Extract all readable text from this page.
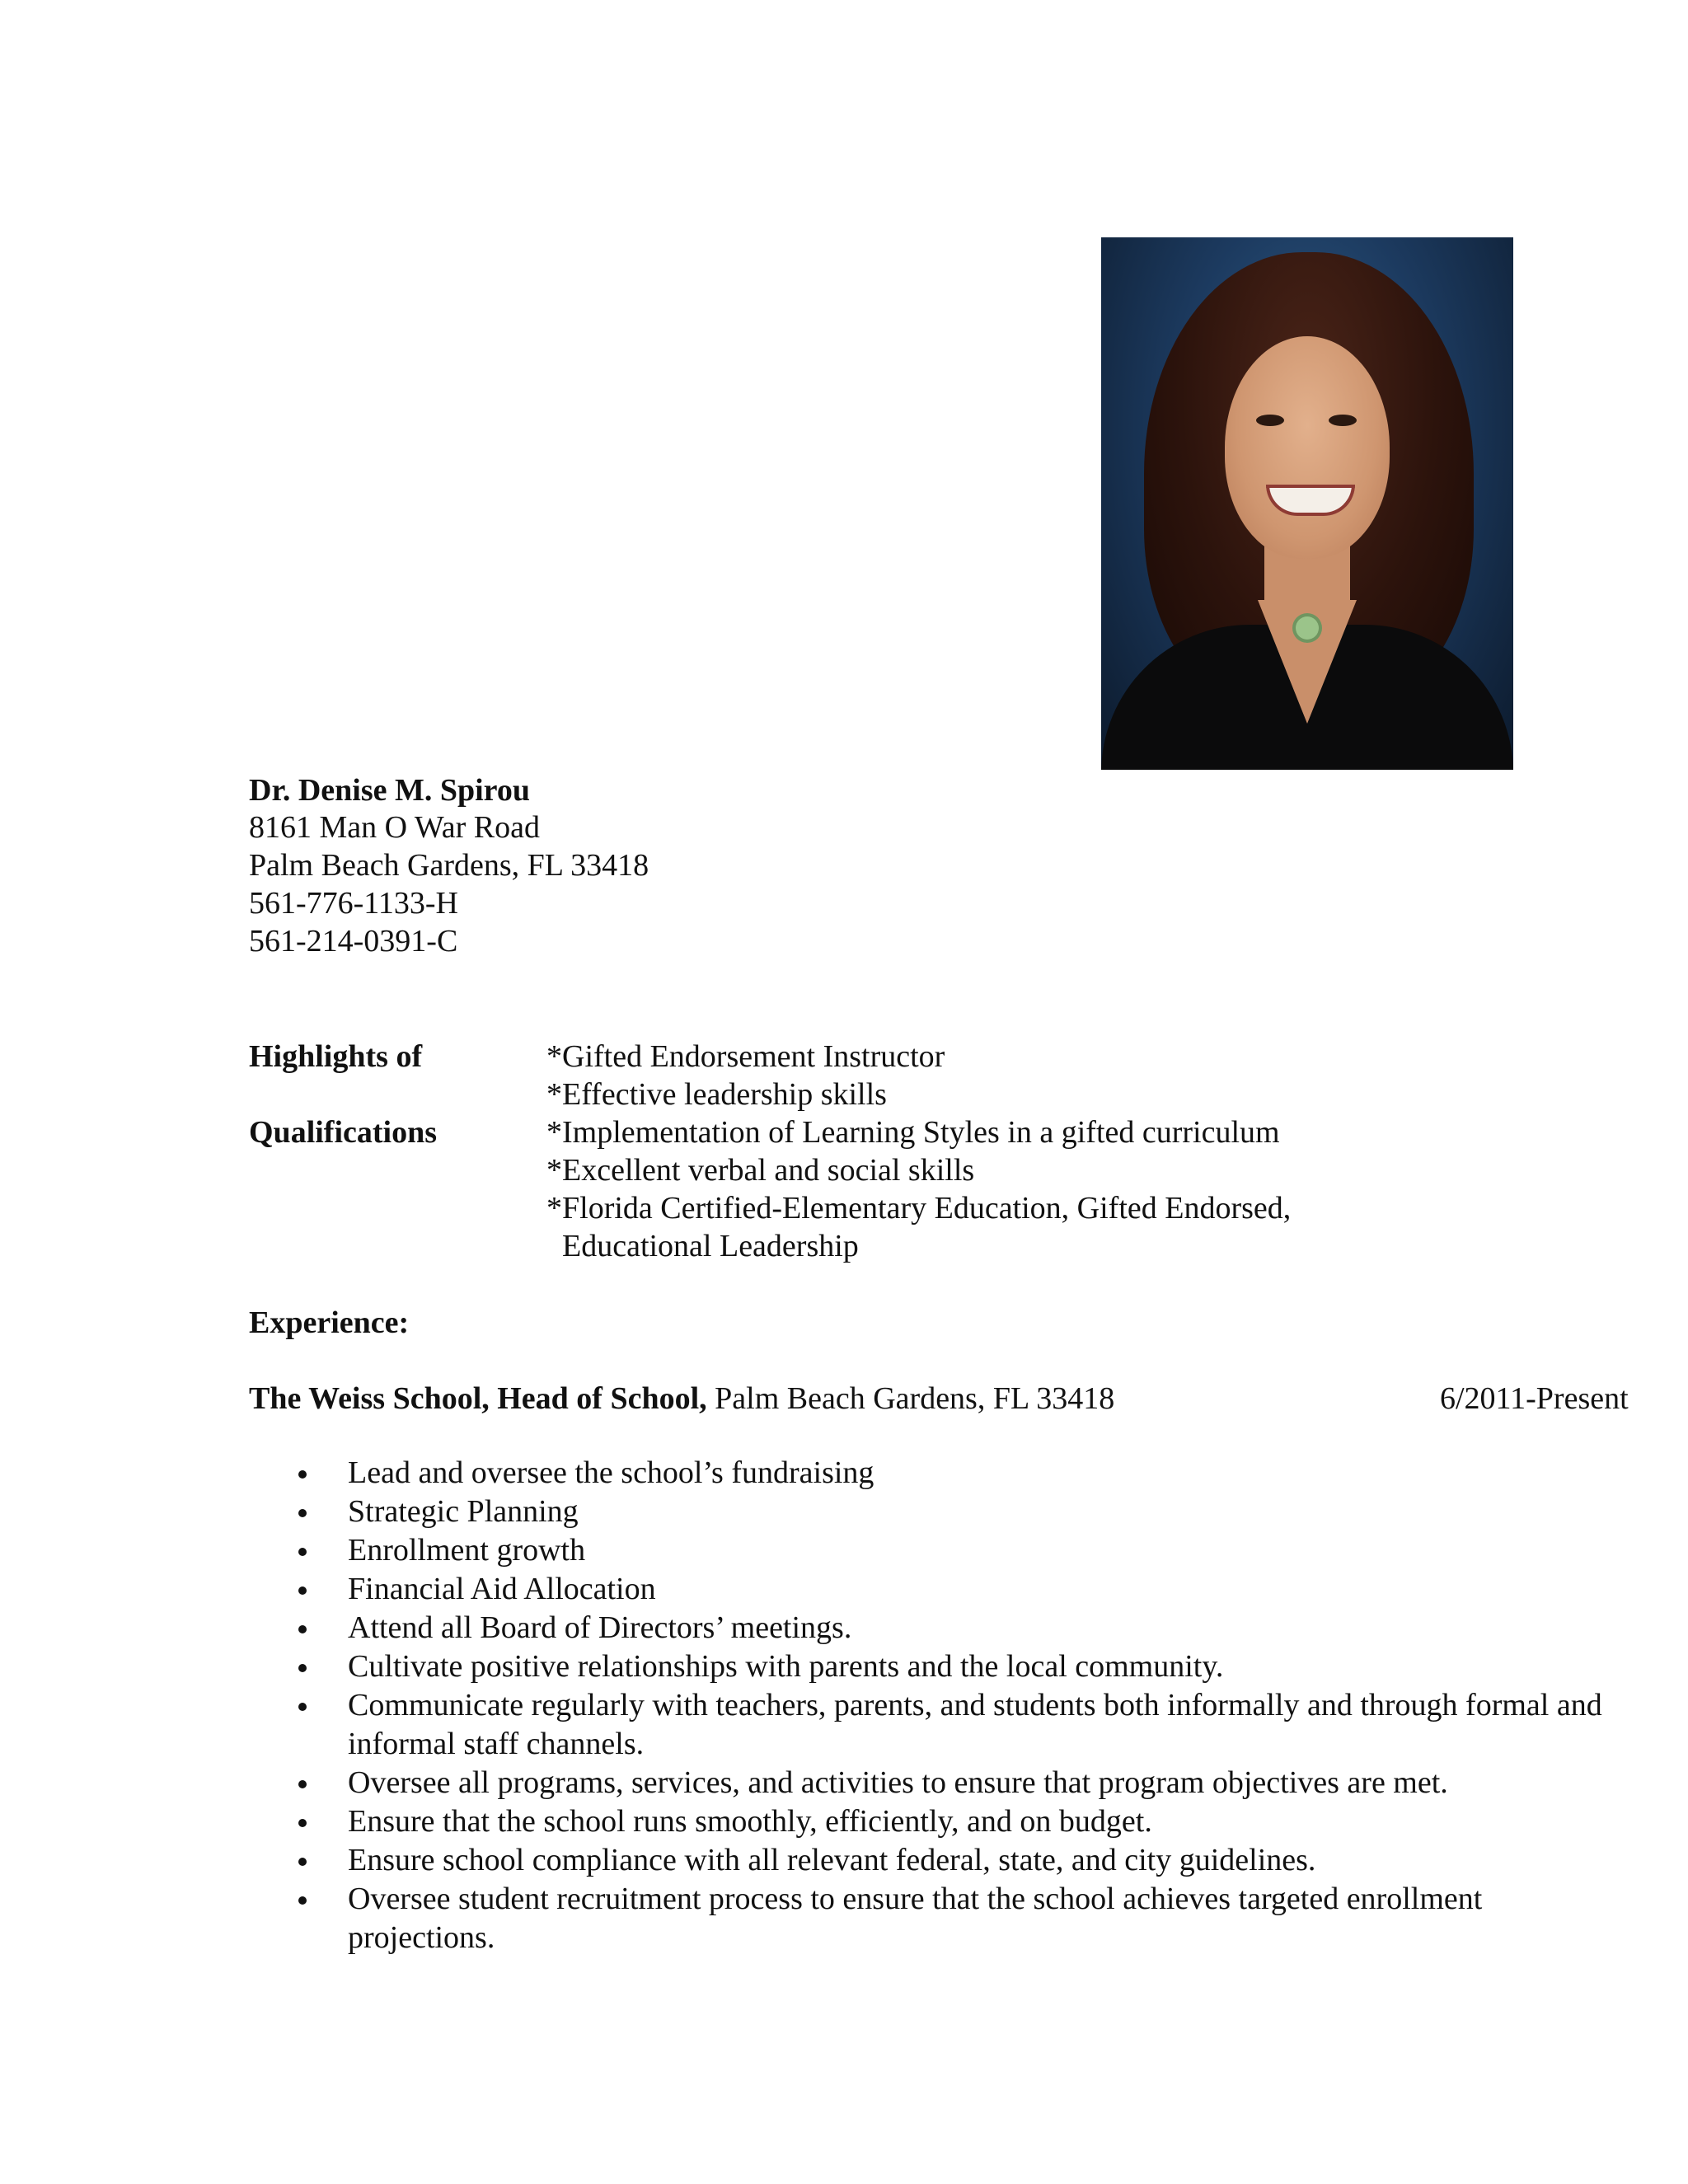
Dr. Denise M. Spirou
8161 Man O War Road
Palm Beach Gardens, FL 33418
561-776-1133-H
561-214-0391-C
Highlights of
Qualifications
*Gifted Endorsement Instructor
*Effective leadership skills
*Implementation of Learning Styles in a gifted curriculum
*Excellent verbal and social skills
*Florida Certified-Elementary Education, Gifted Endorsed,
Educational Leadership
Experience:
The Weiss School, Head of School, Palm Beach Gardens, FL 33418	6/2011-Present
Lead and oversee the school’s fundraising
Strategic Planning
Enrollment growth
Financial Aid Allocation
Attend all Board of Directors’ meetings.
Cultivate positive relationships with parents and the local community.
Communicate regularly with teachers, parents, and students both informally and through formal and
informal staff channels.
Oversee all programs, services, and activities to ensure that program objectives are met.
Ensure that the school runs smoothly, efficiently, and on budget.
Ensure school compliance with all relevant federal, state, and city guidelines.
Oversee student recruitment process to ensure that the school achieves targeted enrollment
projections.
